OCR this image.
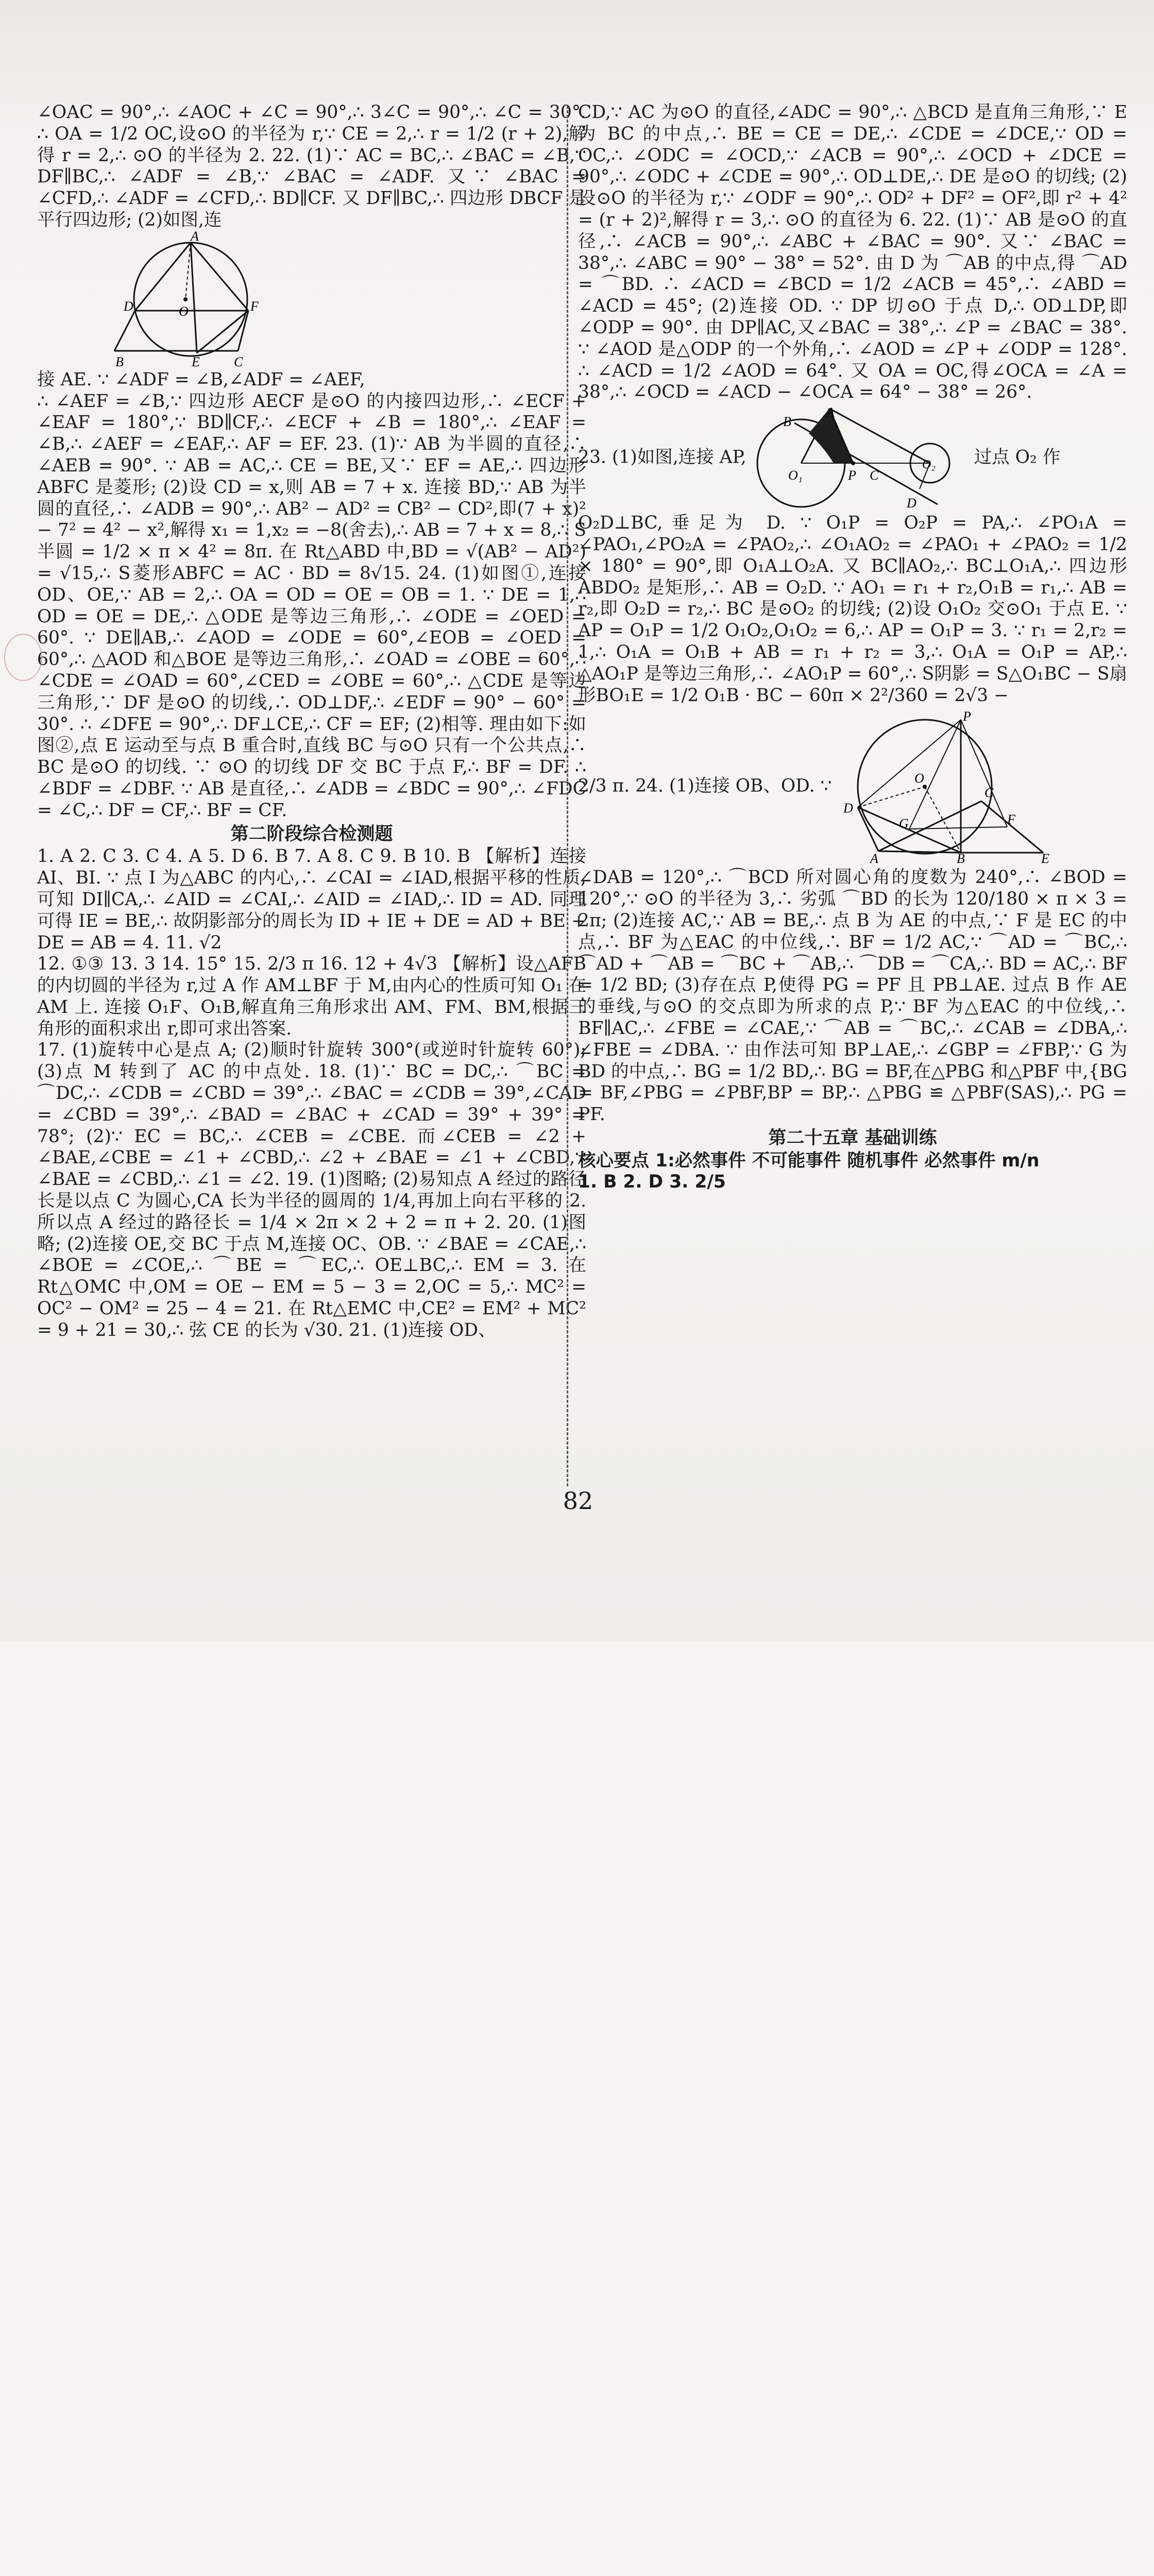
∠OAC = 90°,∴ ∠AOC + ∠C = 90°,∴ 3∠C = 90°,∴ ∠C = 30°. ∴ OA = 1/2 OC,设⊙O 的半径为 r,∵ CE = 2,∴ r = 1/2 (r + 2),解得 r = 2,∴ ⊙O 的半径为 2. 22. (1)∵ AC = BC,∴ ∠BAC = ∠B,∵ DF∥BC,∴ ∠ADF = ∠B,∵ ∠BAC = ∠ADF. 又∵ ∠BAC = ∠CFD,∴ ∠ADF = ∠CFD,∴ BD∥CF. 又 DF∥BC,∴ 四边形 DBCF 是平行四边形; (2)如图,连

A
D	O	F
B	E	C

接 AE. ∵ ∠ADF = ∠B,∠ADF = ∠AEF,

∴ ∠AEF = ∠B,∵ 四边形 AECF 是⊙O 的内接四边形,∴ ∠ECF + ∠EAF = 180°,∵ BD∥CF,∴ ∠ECF + ∠B = 180°,∴ ∠EAF = ∠B,∴ ∠AEF = ∠EAF,∴ AF = EF. 23. (1)∵ AB 为半圆的直径,∴ ∠AEB = 90°. ∵ AB = AC,∴ CE = BE,又∵ EF = AE,∴ 四边形 ABFC 是菱形; (2)设 CD = x,则 AB = 7 + x. 连接 BD,∵ AB 为半圆的直径,∴ ∠ADB = 90°,∴ AB² − AD² = CB² − CD²,即(7 + x)² − 7² = 4² − x²,解得 x₁ = 1,x₂ = −8(舍去),∴ AB = 7 + x = 8,∴ S半圆 = 1/2 × π × 4² = 8π. 在 Rt△ABD 中,BD = √(AB² − AD²) = √15,∴ S菱形ABFC = AC · BD = 8√15. 24. (1)如图①,连接 OD、OE,∵ AB = 2,∴ OA = OD = OE = OB = 1. ∵ DE = 1,∴ OD = OE = DE,∴ △ODE 是等边三角形,∴ ∠ODE = ∠OED = 60°. ∵ DE∥AB,∴ ∠AOD = ∠ODE = 60°,∠EOB = ∠OED = 60°,∴ △AOD 和△BOE 是等边三角形,∴ ∠OAD = ∠OBE = 60°,∴ ∠CDE = ∠OAD = 60°,∠CED = ∠OBE = 60°,∴ △CDE 是等边三角形,∵ DF 是⊙O 的切线,∴ OD⊥DF,∴ ∠EDF = 90° − 60° = 30°. ∴ ∠DFE = 90°,∴ DF⊥CE,∴ CF = EF; (2)相等. 理由如下:如图②,点 E 运动至与点 B 重合时,直线 BC 与⊙O 只有一个公共点,∴ BC 是⊙O 的切线. ∵ ⊙O 的切线 DF 交 BC 于点 F,∴ BF = DF. ∴ ∠BDF = ∠DBF. ∵ AB 是直径,∴ ∠ADB = ∠BDC = 90°,∴ ∠FDC = ∠C,∴ DF = CF,∴ BF = CF.

第二阶段综合检测题

1. A 2. C 3. C 4. A 5. D 6. B 7. A 8. C 9. B 10. B 【解析】连接 AI、BI. ∵ 点 I 为△ABC 的内心,∴ ∠CAI = ∠IAD,根据平移的性质,可知 DI∥CA,∴ ∠AID = ∠CAI,∴ ∠AID = ∠IAD,∴ ID = AD. 同理可得 IE = BE,∴ 故阴影部分的周长为 ID + IE + DE = AD + BE + DE = AB = 4. 11. √2

12. ①③ 13. 3 14. 15° 15. 2/3 π 16. 12 + 4√3 【解析】设△AFB 的内切圆的半径为 r,过 A 作 AM⊥BF 于 M,由内心的性质可知 O₁ 在 AM 上. 连接 O₁F、O₁B,解直角三角形求出 AM、FM、BM,根据三角形的面积求出 r,即可求出答案.

17. (1)旋转中心是点 A; (2)顺时针旋转 300°(或逆时针旋转 60°); (3)点 M 转到了 AC 的中点处. 18. (1)∵ BC = DC,∴ ⌒BC = ⌒DC,∴ ∠CDB = ∠CBD = 39°,∴ ∠BAC = ∠CDB = 39°,∠CAD = ∠CBD = 39°,∴ ∠BAD = ∠BAC + ∠CAD = 39° + 39° = 78°; (2)∵ EC = BC,∴ ∠CEB = ∠CBE. 而∠CEB = ∠2 + ∠BAE,∠CBE = ∠1 + ∠CBD,∴ ∠2 + ∠BAE = ∠1 + ∠CBD,∵ ∠BAE = ∠CBD,∴ ∠1 = ∠2. 19. (1)图略; (2)易知点 A 经过的路径长是以点 C 为圆心,CA 长为半径的圆周的 1/4,再加上向右平移的 2. 所以点 A 经过的路径长 = 1/4 × 2π × 2 + 2 = π + 2. 20. (1)图略; (2)连接 OE,交 BC 于点 M,连接 OC、OB. ∵ ∠BAE = ∠CAE,∴ ∠BOE = ∠COE,∴ ⌒BE = ⌒EC,∴ OE⊥BC,∴ EM = 3. 在 Rt△OMC 中,OM = OE − EM = 5 − 3 = 2,OC = 5,∴ MC² = OC² − OM² = 25 − 4 = 21. 在 Rt△EMC 中,CE² = EM² + MC² = 9 + 21 = 30,∴ 弦 CE 的长为 √30. 21. (1)连接 OD、

CD,∵ AC 为⊙O 的直径,∠ADC = 90°,∴ △BCD 是直角三角形,∵ E 为 BC 的中点,∴ BE = CE = DE,∴ ∠CDE = ∠DCE,∵ OD = OC,∴ ∠ODC = ∠OCD,∵ ∠ACB = 90°,∴ ∠OCD + ∠DCE = 90°,∴ ∠ODC + ∠CDE = 90°,∴ OD⊥DE,∴ DE 是⊙O 的切线; (2)设⊙O 的半径为 r,∵ ∠ODF = 90°,∴ OD² + DF² = OF²,即 r² + 4² = (r + 2)²,解得 r = 3,∴ ⊙O 的直径为 6. 22. (1)∵ AB 是⊙O 的直径,∴ ∠ACB = 90°,∴ ∠ABC + ∠BAC = 90°. 又∵ ∠BAC = 38°,∴ ∠ABC = 90° − 38° = 52°. 由 D 为 ⌒AB 的中点,得 ⌒AD = ⌒BD. ∴ ∠ACD = ∠BCD = 1/2 ∠ACB = 45°,∴ ∠ABD = ∠ACD = 45°; (2)连接 OD. ∵ DP 切⊙O 于点 D,∴ OD⊥DP,即∠ODP = 90°. 由 DP∥AC,又∠BAC = 38°,∴ ∠P = ∠BAC = 38°. ∵ ∠AOD 是△ODP 的一个外角,∴ ∠AOD = ∠P + ∠ODP = 128°. ∴ ∠ACD = 1/2 ∠AOD = 64°. 又 OA = OC,得∠OCA = ∠A = 38°,∴ ∠OCD = ∠ACD − ∠OCA = 64° − 38° = 26°.

23. (1)如图,连接 AP,
A
B
O₁	P C
O₂
D
过点 O₂ 作

O₂D⊥BC,垂足为 D. ∵ O₁P = O₂P = PA,∴ ∠PO₁A = ∠PAO₁,∠PO₂A = ∠PAO₂,∴ ∠O₁AO₂ = ∠PAO₁ + ∠PAO₂ = 1/2 × 180° = 90°,即 O₁A⊥O₂A. 又 BC∥AO₂,∴ BC⊥O₁A,∴ 四边形 ABDO₂ 是矩形,∴ AB = O₂D. ∵ AO₁ = r₁ + r₂,O₁B = r₁,∴ AB = r₂,即 O₂D = r₂,∴ BC 是⊙O₂ 的切线; (2)设 O₁O₂ 交⊙O₁ 于点 E. ∵ AP = O₁P = 1/2 O₁O₂,O₁O₂ = 6,∴ AP = O₁P = 3. ∵ r₁ = 2,r₂ = 1,∴ O₁A = O₁B + AB = r₁ + r₂ = 3,∴ O₁A = O₁P = AP,∴ △AO₁P 是等边三角形,∴ ∠AO₁P = 60°,∴ S阴影 = S△O₁BC − S扇形BO₁E = 1/2 O₁B · BC − 60π × 2²/360 = 2√3 −

2/3 π. 24. (1)连接 OB、OD. ∵
P
O
C
D
G	F
A	B	E

∠DAB = 120°,∴ ⌒BCD 所对圆心角的度数为 240°,∴ ∠BOD = 120°,∵ ⊙O 的半径为 3,∴ 劣弧 ⌒BD 的长为 120/180 × π × 3 = 2π; (2)连接 AC,∵ AB = BE,∴ 点 B 为 AE 的中点,∵ F 是 EC 的中点,∴ BF 为△EAC 的中位线,∴ BF = 1/2 AC,∵ ⌒AD = ⌒BC,∴ ⌒AD + ⌒AB = ⌒BC + ⌒AB,∴ ⌒DB = ⌒CA,∴ BD = AC,∴ BF = 1/2 BD; (3)存在点 P,使得 PG = PF 且 PB⊥AE. 过点 B 作 AE 的垂线,与⊙O 的交点即为所求的点 P,∵ BF 为△EAC 的中位线,∴ BF∥AC,∴ ∠FBE = ∠CAE,∵ ⌒AB = ⌒BC,∴ ∠CAB = ∠DBA,∴ ∠FBE = ∠DBA. ∵ 由作法可知 BP⊥AE,∴ ∠GBP = ∠FBP,∵ G 为 BD 的中点,∴ BG = 1/2 BD,∴ BG = BF,在△PBG 和△PBF 中,{BG = BF,∠PBG = ∠PBF,BP = BP,∴ △PBG ≌ △PBF(SAS),∴ PG = PF.

第二十五章 基础训练

核心要点 1:必然事件 不可能事件 随机事件 必然事件 m/n

1. B 2. D 3. 2/5

82
